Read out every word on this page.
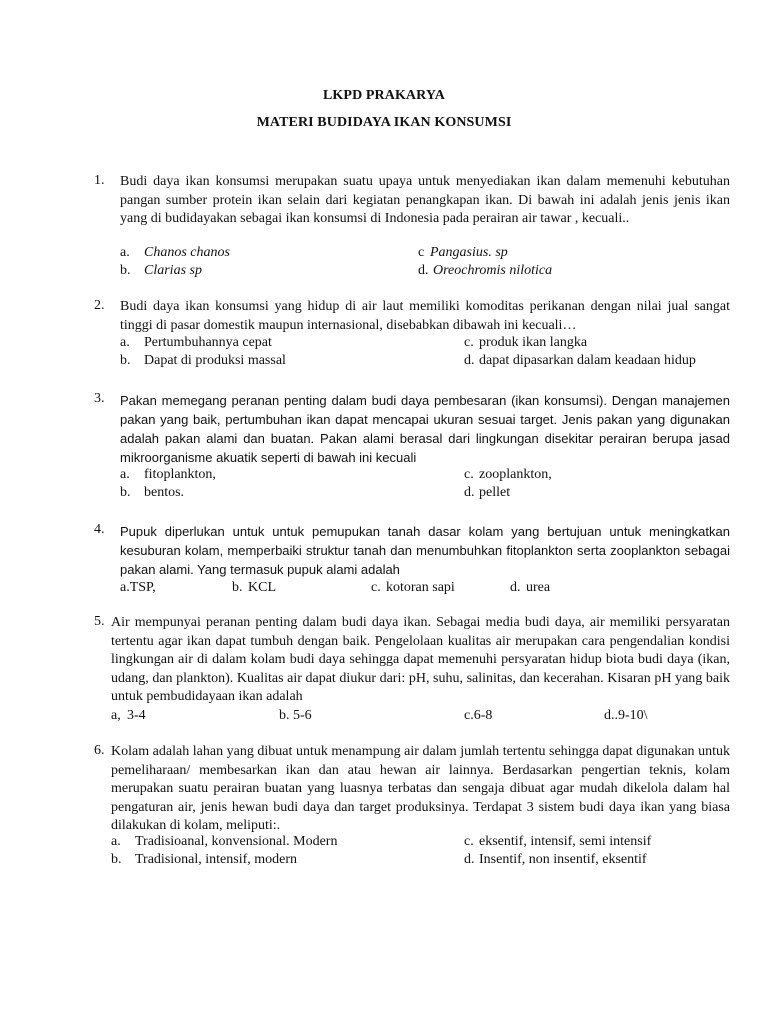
LKPD PRAKARYA
MATERI BUDIDAYA IKAN KONSUMSI
1. Budi daya ikan konsumsi merupakan suatu upaya untuk menyediakan ikan dalam memenuhi kebutuhan pangan sumber protein ikan selain dari kegiatan penangkapan ikan. Di bawah ini adalah jenis jenis ikan yang di budidayakan sebagai ikan konsumsi di Indonesia pada perairan air tawar , kecuali..
a. Chanos chanos	c Pangasius. sp
b. Clarias sp	d. Oreochromis nilotica
2. Budi daya ikan konsumsi yang hidup di air laut memiliki komoditas perikanan dengan nilai jual sangat tinggi di pasar domestik maupun internasional, disebabkan dibawah ini kecuali…
a. Pertumbuhannya cepat	c. produk ikan langka
b. Dapat di produksi massal	d. dapat dipasarkan dalam keadaan hidup
3. Pakan memegang peranan penting dalam budi daya pembesaran (ikan konsumsi). Dengan manajemen pakan yang baik, pertumbuhan ikan dapat mencapai ukuran sesuai target. Jenis pakan yang digunakan adalah pakan alami dan buatan. Pakan alami berasal dari lingkungan disekitar perairan berupa jasad mikroorganisme akuatik seperti di bawah ini kecuali
a. fitoplankton,	c. zooplankton,
b. bentos.	d. pellet
4. Pupuk diperlukan untuk untuk pemupukan tanah dasar kolam yang bertujuan untuk meningkatkan kesuburan kolam, memperbaiki struktur tanah dan menumbuhkan fitoplankton serta zooplankton sebagai pakan alami. Yang termasuk pupuk alami adalah
a.TSP,	b. KCL	c. kotoran sapi	d. urea
5. Air mempunyai peranan penting dalam budi daya ikan. Sebagai media budi daya, air memiliki persyaratan tertentu agar ikan dapat tumbuh dengan baik. Pengelolaan kualitas air merupakan cara pengendalian kondisi lingkungan air di dalam kolam budi daya sehingga dapat memenuhi persyaratan hidup biota budi daya (ikan, udang, dan plankton). Kualitas air dapat diukur dari: pH, suhu, salinitas, dan kecerahan. Kisaran pH yang baik untuk pembudidayaan ikan adalah
a, 3-4	b. 5-6	c.6-8	d..9-10\
6. Kolam adalah lahan yang dibuat untuk menampung air dalam jumlah tertentu sehingga dapat digunakan untuk pemeliharaan/ membesarkan ikan dan atau hewan air lainnya. Berdasarkan pengertian teknis, kolam merupakan suatu perairan buatan yang luasnya terbatas dan sengaja dibuat agar mudah dikelola dalam hal pengaturan air, jenis hewan budi daya dan target produksinya. Terdapat 3 sistem budi daya ikan yang biasa dilakukan di kolam, meliputi:.
a. Tradisioanal, konvensional. Modern	c. eksentif, intensif, semi intensif
b. Tradisional, intensif, modern	d. Insentif, non insentif, eksentif
